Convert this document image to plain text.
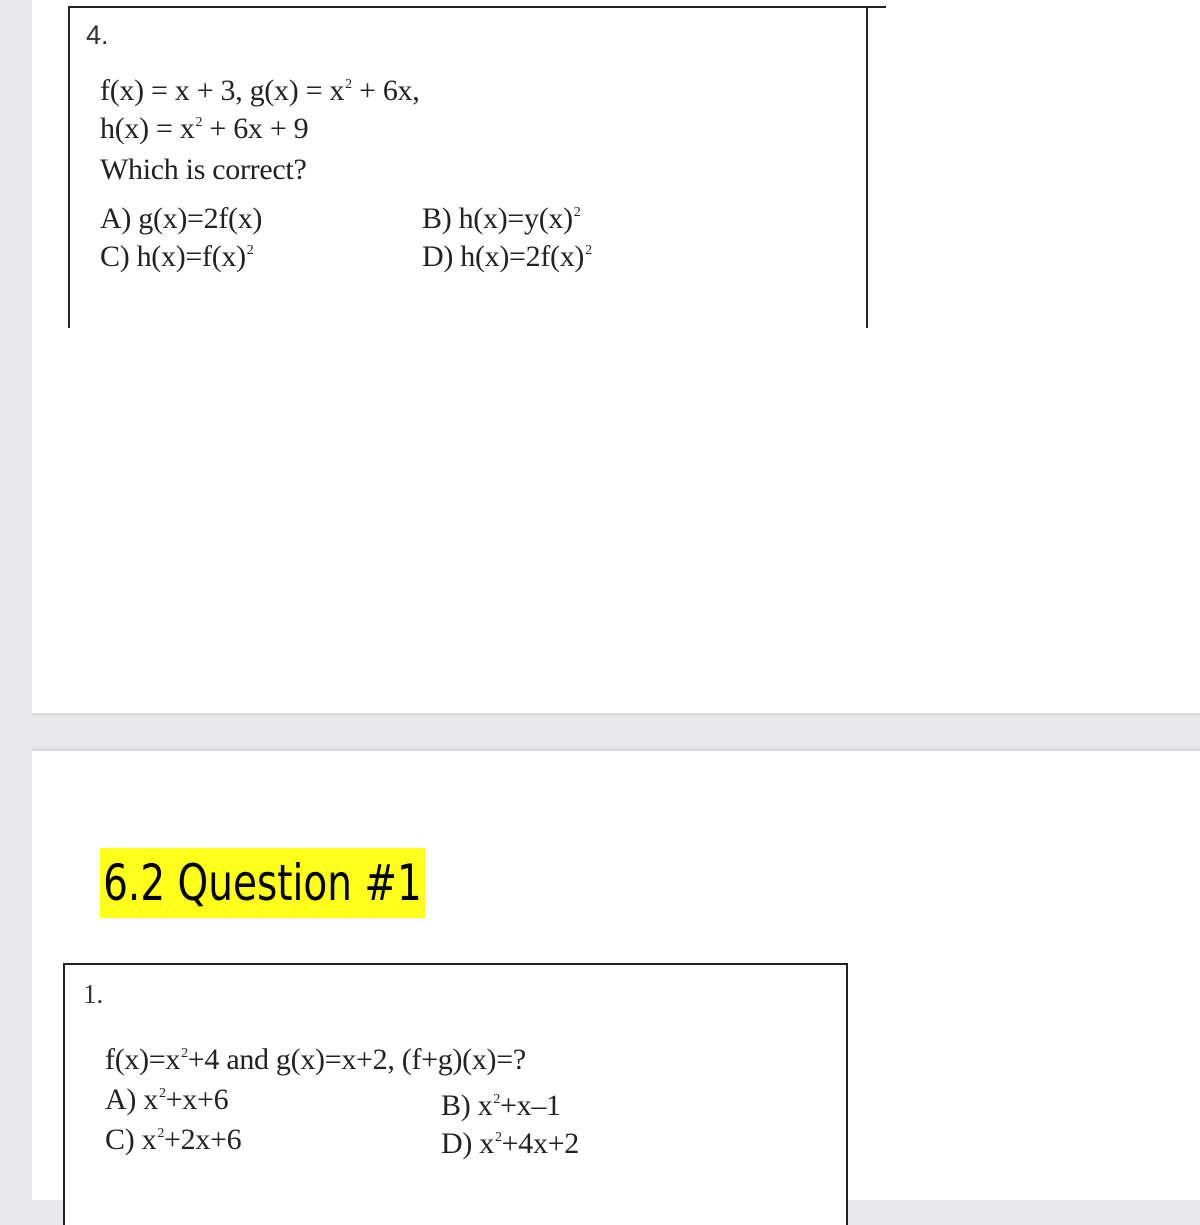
4.
f(x) = x + 3, $g(x) = x^2 + 6x$,
$h(x) = x^2 + 6x + 9$
Which is correct?
A) g(x)=2f(x)	B) $h(x)=y(x)^2$
C) $h(x)=f(x)^2$	D) $h(x)=2f(x)^2$
6.2 Question #1
1.
$f(x)=x^2+4$ and g(x)=x+2, (f+g)(x)=?
A) $x^2+x+6$	B) $x^2+x-1$
C) $x^2+2x+6$	D) $x^2+4x+2$
